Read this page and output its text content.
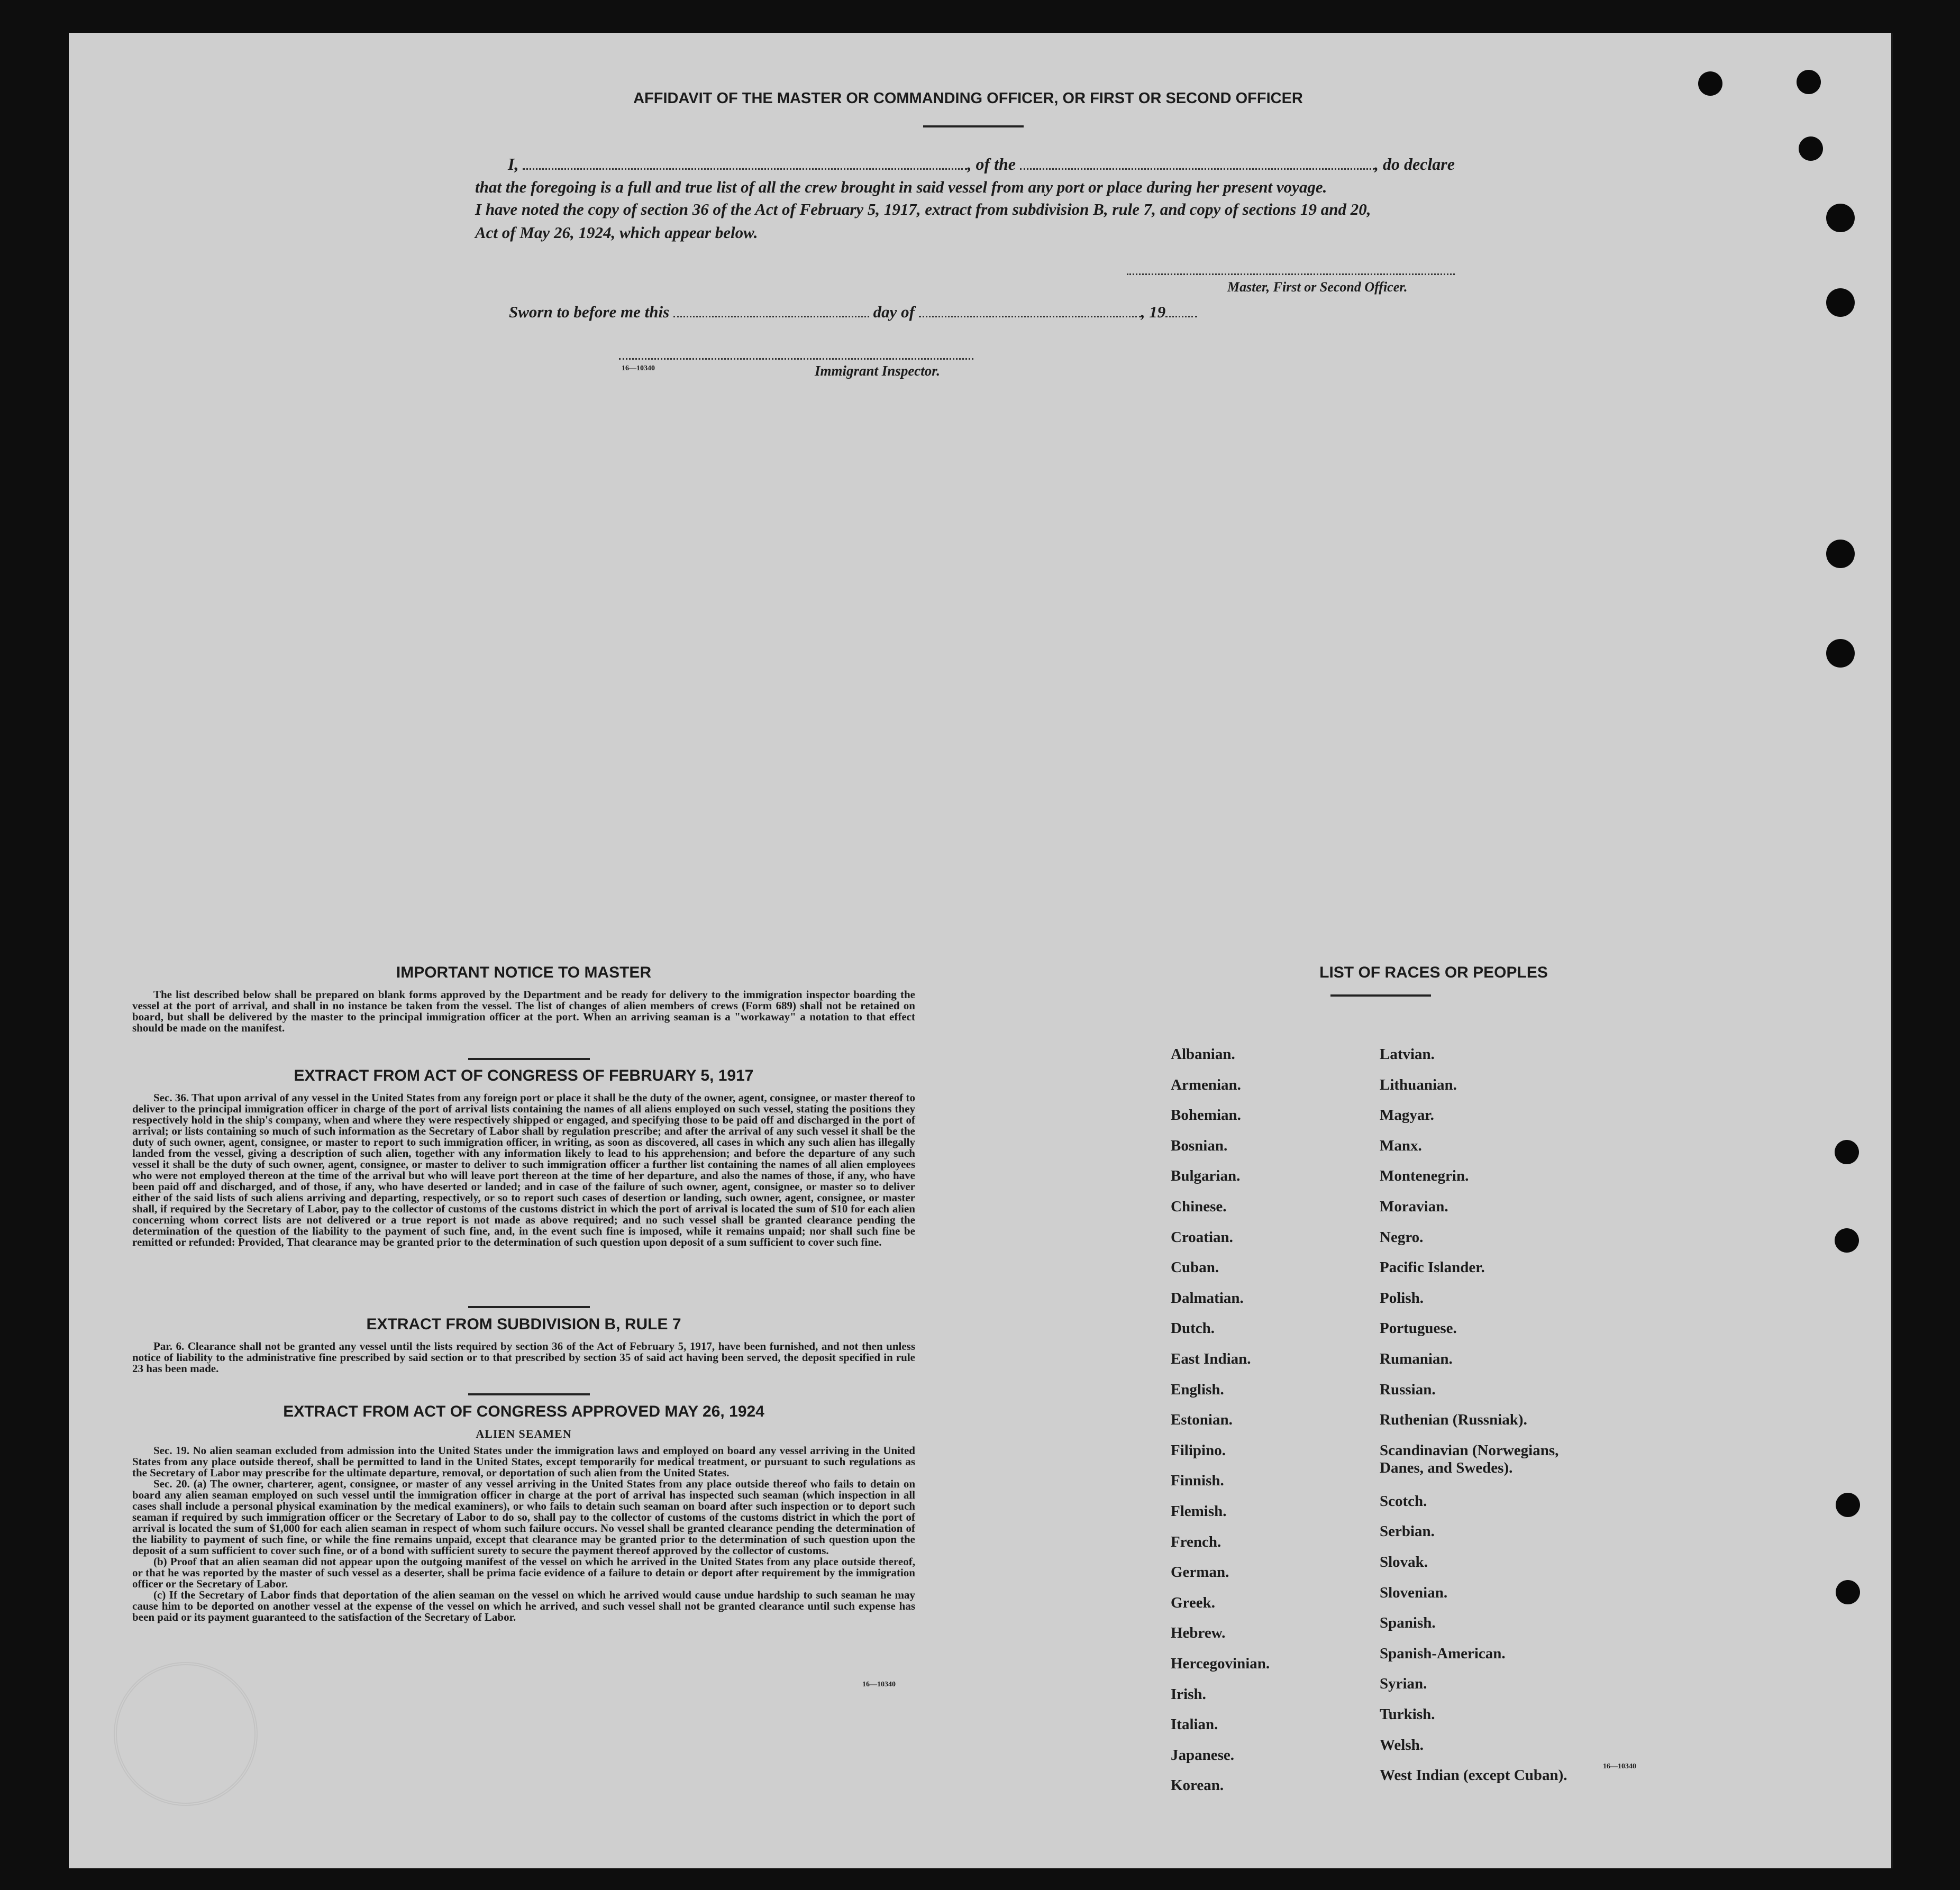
AFFIDAVIT OF THE MASTER OR COMMANDING OFFICER, OR FIRST OR SECOND OFFICER
I,	, of the	, do declare
that the foregoing is a full and true list of all the crew brought in said vessel from any port or place during her present voyage.
I have noted the copy of section 36 of the Act of February 5, 1917, extract from subdivision B, rule 7, and copy of sections 19 and 20,
Act of May 26, 1924, which appear below.
Master, First or Second Officer.
Sworn to before me this	day of	, 19
16—10340	Immigrant Inspector.
IMPORTANT NOTICE TO MASTER

The list described below shall be prepared on blank forms approved by the Department and be ready for delivery to the immigration inspector boarding the vessel at the port of arrival, and shall in no instance be taken from the vessel. The list of changes of alien members of crews (Form 689) shall not be retained on board, but shall be delivered by the master to the principal immigration officer at the port. When an arriving seaman is a "workaway" a notation to that effect should be made on the manifest.

EXTRACT FROM ACT OF CONGRESS OF FEBRUARY 5, 1917

Sec. 36. That upon arrival of any vessel in the United States from any foreign port or place it shall be the duty of the owner, agent, consignee, or master thereof to deliver to the principal immigration officer in charge of the port of arrival lists containing the names of all aliens employed on such vessel, stating the positions they respectively hold in the ship's company, when and where they were respectively shipped or engaged, and specifying those to be paid off and discharged in the port of arrival; or lists containing so much of such information as the Secretary of Labor shall by regulation prescribe; and after the arrival of any such vessel it shall be the duty of such owner, agent, consignee, or master to report to such immigration officer, in writing, as soon as discovered, all cases in which any such alien has illegally landed from the vessel, giving a description of such alien, together with any information likely to lead to his apprehension; and before the departure of any such vessel it shall be the duty of such owner, agent, consignee, or master to deliver to such immigration officer a further list containing the names of all alien employees who were not employed thereon at the time of the arrival but who will leave port thereon at the time of her departure, and also the names of those, if any, who have been paid off and discharged, and of those, if any, who have deserted or landed; and in case of the failure of such owner, agent, consignee, or master so to deliver either of the said lists of such aliens arriving and departing, respectively, or so to report such cases of desertion or landing, such owner, agent, consignee, or master shall, if required by the Secretary of Labor, pay to the collector of customs of the customs district in which the port of arrival is located the sum of $10 for each alien concerning whom correct lists are not delivered or a true report is not made as above required; and no such vessel shall be granted clearance pending the determination of the question of the liability to the payment of such fine, and, in the event such fine is imposed, while it remains unpaid; nor shall such fine be remitted or refunded: Provided, That clearance may be granted prior to the determination of such question upon deposit of a sum sufficient to cover such fine.

EXTRACT FROM SUBDIVISION B, RULE 7

Par. 6. Clearance shall not be granted any vessel until the lists required by section 36 of the Act of February 5, 1917, have been furnished, and not then unless notice of liability to the administrative fine prescribed by said section or to that prescribed by section 35 of said act having been served, the deposit specified in rule 23 has been made.

EXTRACT FROM ACT OF CONGRESS APPROVED MAY 26, 1924
ALIEN SEAMEN

Sec. 19. No alien seaman excluded from admission into the United States under the immigration laws and employed on board any vessel arriving in the United States from any place outside thereof, shall be permitted to land in the United States, except temporarily for medical treatment, or pursuant to such regulations as the Secretary of Labor may prescribe for the ultimate departure, removal, or deportation of such alien from the United States.

Sec. 20. (a) The owner, charterer, agent, consignee, or master of any vessel arriving in the United States from any place outside thereof who fails to detain on board any alien seaman employed on such vessel until the immigration officer in charge at the port of arrival has inspected such seaman (which inspection in all cases shall include a personal physical examination by the medical examiners), or who fails to detain such seaman on board after such inspection or to deport such seaman if required by such immigration officer or the Secretary of Labor to do so, shall pay to the collector of customs of the customs district in which the port of arrival is located the sum of $1,000 for each alien seaman in respect of whom such failure occurs. No vessel shall be granted clearance pending the determination of the liability to payment of such fine, or while the fine remains unpaid, except that clearance may be granted prior to the determination of such question upon the deposit of a sum sufficient to cover such fine, or of a bond with sufficient surety to secure the payment thereof approved by the collector of customs.

(b) Proof that an alien seaman did not appear upon the outgoing manifest of the vessel on which he arrived in the United States from any place outside thereof, or that he was reported by the master of such vessel as a deserter, shall be prima facie evidence of a failure to detain or deport after requirement by the immigration officer or the Secretary of Labor.

(c) If the Secretary of Labor finds that deportation of the alien seaman on the vessel on which he arrived would cause undue hardship to such seaman he may cause him to be deported on another vessel at the expense of the vessel on which he arrived, and such vessel shall not be granted clearance until such expense has been paid or its payment guaranteed to the satisfaction of the Secretary of Labor.

16—10340
LIST OF RACES OR PEOPLES
Albanian.
Armenian.
Bohemian.
Bosnian.
Bulgarian.
Chinese.
Croatian.
Cuban.
Dalmatian.
Dutch.
East Indian.
English.
Estonian.
Filipino.
Finnish.
Flemish.
French.
German.
Greek.
Hebrew.
Hercegovinian.
Irish.
Italian.
Japanese.
Korean.
Latvian.
Lithuanian.
Magyar.
Manx.
Montenegrin.
Moravian.
Negro.
Pacific Islander.
Polish.
Portuguese.
Rumanian.
Russian.
Ruthenian (Russniak).
Scandinavian (Norwegians, Danes, and Swedes).
Scotch.
Serbian.
Slovak.
Slovenian.
Spanish.
Spanish-American.
Syrian.
Turkish.
Welsh.
West Indian (except Cuban).
16—10340
